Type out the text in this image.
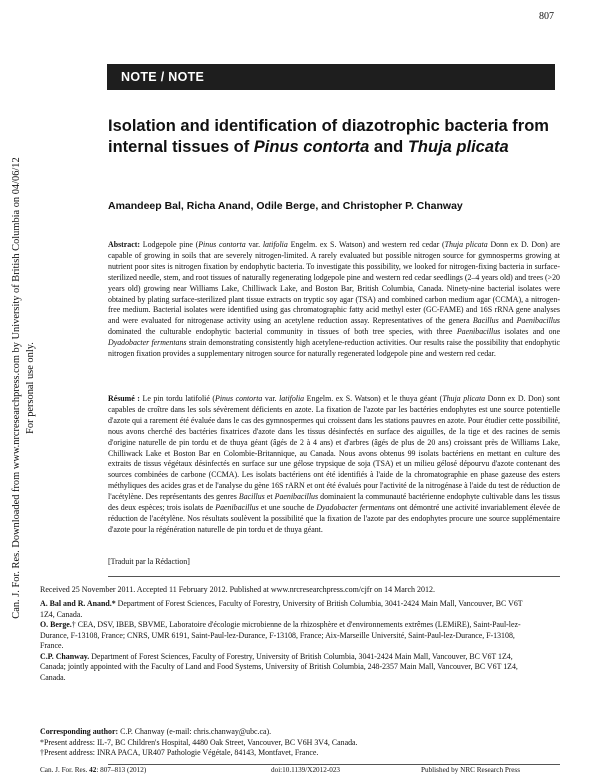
807
Can. J. For. Res. Downloaded from www.nrcresearchpress.com by University of British Columbia on 04/06/12 For personal use only.
NOTE / NOTE
Isolation and identification of diazotrophic bacteria from internal tissues of Pinus contorta and Thuja plicata
Amandeep Bal, Richa Anand, Odile Berge, and Christopher P. Chanway

Abstract: Lodgepole pine (Pinus contorta var. latifolia Engelm. ex S. Watson) and western red cedar (Thuja plicata Donn ex D. Don) are capable of growing in soils that are severely nitrogen-limited. A rarely evaluated but possible nitrogen source for gymnosperms growing at nutrient poor sites is nitrogen fixation by endophytic bacteria. To investigate this possibility, we looked for nitrogen-fixing bacteria in surface-sterilized needle, stem, and root tissues of naturally regenerating lodgepole pine and western red cedar seedlings (2–4 years old) and trees (>20 years old) growing near Williams Lake, Chilliwack Lake, and Boston Bar, British Columbia, Canada. Ninety-nine bacterial isolates were obtained by plating surface-sterilized plant tissue extracts on tryptic soy agar (TSA) and combined carbon medium agar (CCMA), a nitrogen-free medium. Bacterial isolates were identified using gas chromatographic fatty acid methyl ester (GC-FAME) and 16S rRNA gene analyses and were evaluated for nitrogenase activity using an acetylene reduction assay. Representatives of the genera Bacillus and Paenibacillus dominated the culturable endophytic bacterial community in tissues of both tree species, with three Paenibacillus isolates and one Dyadobacter fermentans strain demonstrating consistently high acetylene-reduction activities. Our results raise the possibility that endophytic nitrogen fixation provides a supplementary nitrogen source for naturally regenerated lodgepole pine and western red cedar.

Résumé : Le pin tordu latifolié (Pinus contorta var. latifolia Engelm. ex S. Watson) et le thuya géant (Thuja plicata Donn ex D. Don) sont capables de croître dans les sols sévèrement déficients en azote. La fixation de l'azote par les bactéries endophytes est une source potentielle d'azote qui a rarement été évaluée dans le cas des gymnospermes qui croissent dans les stations pauvres en azote. Pour étudier cette possibilité, nous avons cherché des bactéries fixatrices d'azote dans les tissus désinfectés en surface des aiguilles, de la tige et des racines de semis d'origine naturelle de pin tordu et de thuya géant (âgés de 2 à 4 ans) et d'arbres (âgés de plus de 20 ans) croissant près de Williams Lake, Chilliwack Lake et Boston Bar en Colombie-Britannique, au Canada. Nous avons obtenus 99 isolats bactériens en mettant en culture des extraits de tissus végétaux désinfectés en surface sur une gélose trypsique de soja (TSA) et un milieu gélosé dépourvu d'azote contenant des sources combinées de carbone (CCMA). Les isolats bactériens ont été identifiés à l'aide de la chromatographie en phase gazeuse des esters méthyliques des acides gras et de l'analyse du gène 16S rARN et ont été évalués pour l'activité de la nitrogénase à l'aide du test de réduction de l'acétylène. Des représentants des genres Bacillus et Paenibacillus dominaient la communauté bactérienne endophyte cultivable dans les tissus des deux espèces; trois isolats de Paenibacillus et une souche de Dyadobacter fermentans ont démontré une activité invariablement élevée de réduction de l'acétylène. Nos résultats soulèvent la possibilité que la fixation de l'azote par des endophytes procure une source supplémentaire d'azote pour la régénération naturelle de pin tordu et de thuya géant.

[Traduit par la Rédaction]
Received 25 November 2011. Accepted 11 February 2012. Published at www.nrcresearchpress.com/cjfr on 14 March 2012.

A. Bal and R. Anand.* Department of Forest Sciences, Faculty of Forestry, University of British Columbia, 3041-2424 Main Mall, Vancouver, BC V6T 1Z4, Canada.

O. Berge.† CEA, DSV, IBEB, SBVME, Laboratoire d'écologie microbienne de la rhizosphère et d'environnements extrêmes (LEMiRE), Saint-Paul-lez-Durance, F-13108, France; CNRS, UMR 6191, Saint-Paul-lez-Durance, F-13108, France; Aix-Marseille Université, Saint-Paul-lez-Durance, F-13108, France.

C.P. Chanway. Department of Forest Sciences, Faculty of Forestry, University of British Columbia, 3041-2424 Main Mall, Vancouver, BC V6T 1Z4, Canada; jointly appointed with the Faculty of Land and Food Systems, University of British Columbia, 248-2357 Main Mall, Vancouver, BC V6T 1Z4, Canada.

Corresponding author: C.P. Chanway (e-mail: chris.chanway@ubc.ca).

*Present address: IL-7, BC Children's Hospital, 4480 Oak Street, Vancouver, BC V6H 3V4, Canada.

†Present address: INRA PACA, UR407 Pathologie Végétale, 84143, Montfavet, France.

Can. J. For. Res. 42: 807–813 (2012)	doi:10.1139/X2012-023	Published by NRC Research Press
